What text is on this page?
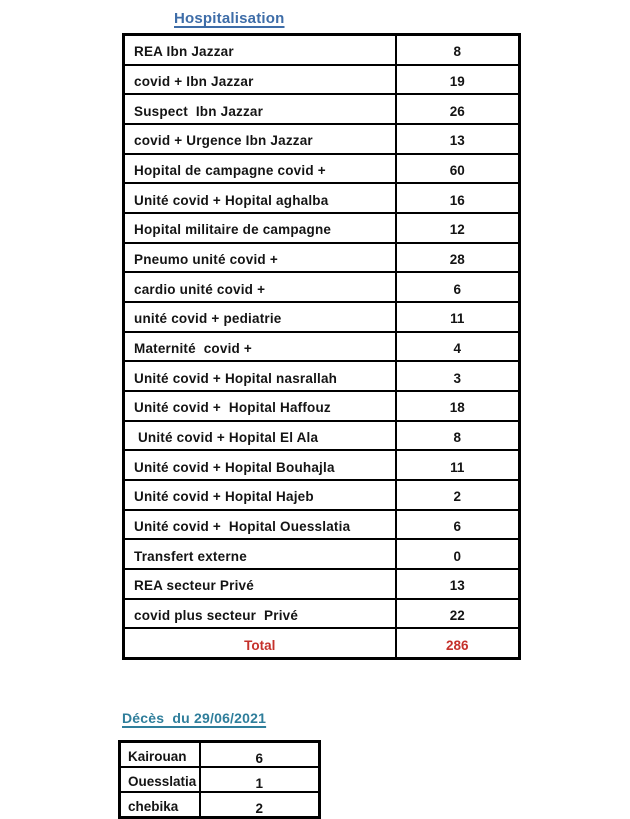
Hospitalisation
REA Ibn Jazzar	8
covid + Ibn Jazzar	19
Suspect  Ibn Jazzar	26
covid + Urgence Ibn Jazzar	13
Hopital de campagne covid +	60
Unité covid + Hopital aghalba	16
Hopital militaire de campagne	12
Pneumo unité covid +	28
cardio unité covid +	6
unité covid + pediatrie	11
Maternité  covid +	4
Unité covid + Hopital nasrallah	3
Unité covid +  Hopital Haffouz	18
Unité covid + Hopital El Ala	8
Unité covid + Hopital Bouhajla	11
Unité covid + Hopital Hajeb	2
Unité covid +  Hopital Ouesslatia	6
Transfert externe	0
REA secteur Privé	13
covid plus secteur  Privé	22
Total	286
Décès  du 29/06/2021
Kairouan	6
Ouesslatia	1
chebika	2
